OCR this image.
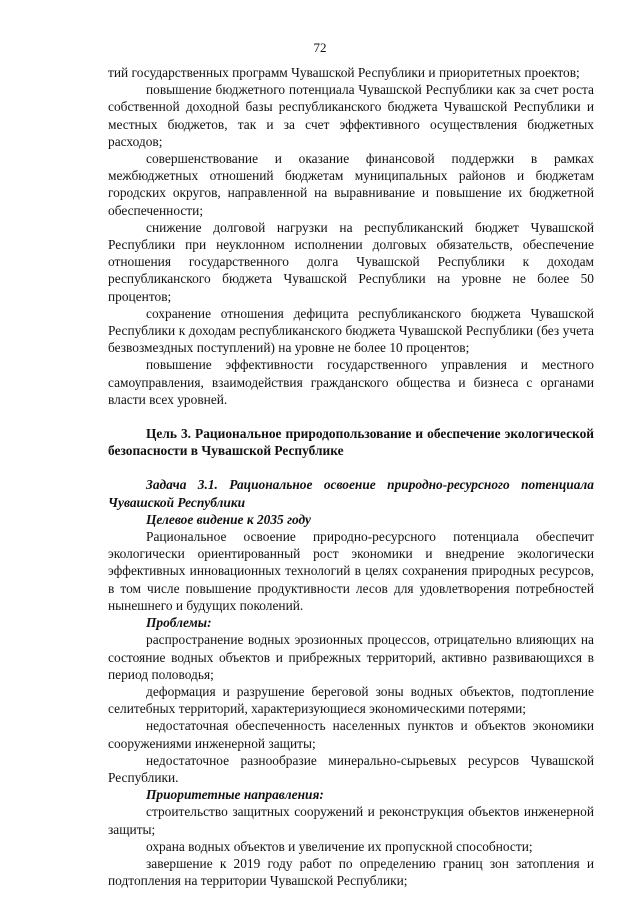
72

тий государственных программ Чувашской Республики и приоритетных проектов;

повышение бюджетного потенциала Чувашской Республики как за счет роста собственной доходной базы республиканского бюджета Чувашской Республики и местных бюджетов, так и за счет эффективного осуществления бюджетных расходов;

совершенствование и оказание финансовой поддержки в рамках межбюджетных отношений бюджетам муниципальных районов и бюджетам городских округов, направленной на выравнивание и повышение их бюджетной обеспеченности;

снижение долговой нагрузки на республиканский бюджет Чувашской Республики при неуклонном исполнении долговых обязательств, обеспечение отношения государственного долга Чувашской Республики к доходам республиканского бюджета Чувашской Республики на уровне не более 50 процентов;

сохранение отношения дефицита республиканского бюджета Чувашской Республики к доходам республиканского бюджета Чувашской Республики (без учета безвозмездных поступлений) на уровне не более 10 процентов;

повышение эффективности государственного управления и местного самоуправления, взаимодействия гражданского общества и бизнеса с органами власти всех уровней.

Цель 3. Рациональное природопользование и обеспечение экологической безопасности в Чувашской Республике

Задача 3.1. Рациональное освоение природно-ресурсного потенциала Чувашской Республики

Целевое видение к 2035 году

Рациональное освоение природно-ресурсного потенциала обеспечит экологически ориентированный рост экономики и внедрение экологически эффективных инновационных технологий в целях сохранения природных ресурсов, в том числе повышение продуктивности лесов для удовлетворения потребностей нынешнего и будущих поколений.

Проблемы:

распространение водных эрозионных процессов, отрицательно влияющих на состояние водных объектов и прибрежных территорий, активно развивающихся в период половодья;

деформация и разрушение береговой зоны водных объектов, подтопление селитебных территорий, характеризующиеся экономическими потерями;

недостаточная обеспеченность населенных пунктов и объектов экономики сооружениями инженерной защиты;

недостаточное разнообразие минерально-сырьевых ресурсов Чувашской Республики.

Приоритетные направления:

строительство защитных сооружений и реконструкция объектов инженерной защиты;

охрана водных объектов и увеличение их пропускной способности;

завершение к 2019 году работ по определению границ зон затопления и подтопления на территории Чувашской Республики;
